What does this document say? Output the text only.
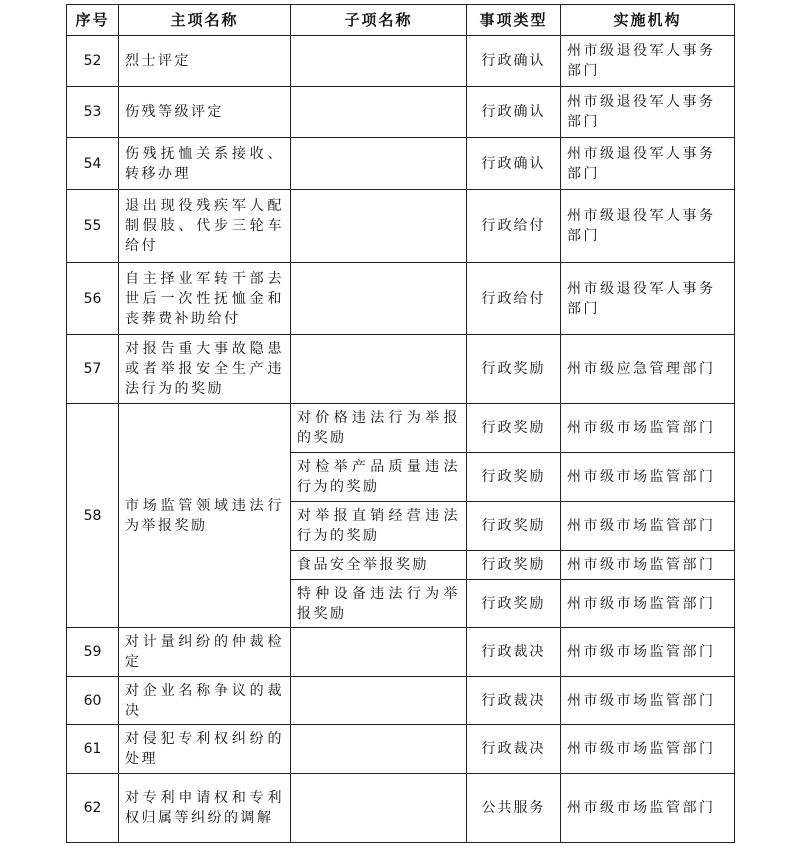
序号	主项名称	子项名称	事项类型	实施机构
52	烈士评定		行政确认	州市级退役军人事务部门
53	伤残等级评定		行政确认	州市级退役军人事务部门
54	伤残抚恤关系接收、转移办理		行政确认	州市级退役军人事务部门
55	退出现役残疾军人配制假肢、代步三轮车给付		行政给付	州市级退役军人事务部门
56	自主择业军转干部去世后一次性抚恤金和丧葬费补助给付		行政给付	州市级退役军人事务部门
57	对报告重大事故隐患或者举报安全生产违法行为的奖励		行政奖励	州市级应急管理部门
58	市场监管领域违法行为举报奖励	对价格违法行为举报的奖励	行政奖励	州市级市场监管部门
		对检举产品质量违法行为的奖励	行政奖励	州市级市场监管部门
		对举报直销经营违法行为的奖励	行政奖励	州市级市场监管部门
		食品安全举报奖励	行政奖励	州市级市场监管部门
		特种设备违法行为举报奖励	行政奖励	州市级市场监管部门
59	对计量纠纷的仲裁检定		行政裁决	州市级市场监管部门
60	对企业名称争议的裁决		行政裁决	州市级市场监管部门
61	对侵犯专利权纠纷的处理		行政裁决	州市级市场监管部门
62	对专利申请权和专利权归属等纠纷的调解		公共服务	州市级市场监管部门
